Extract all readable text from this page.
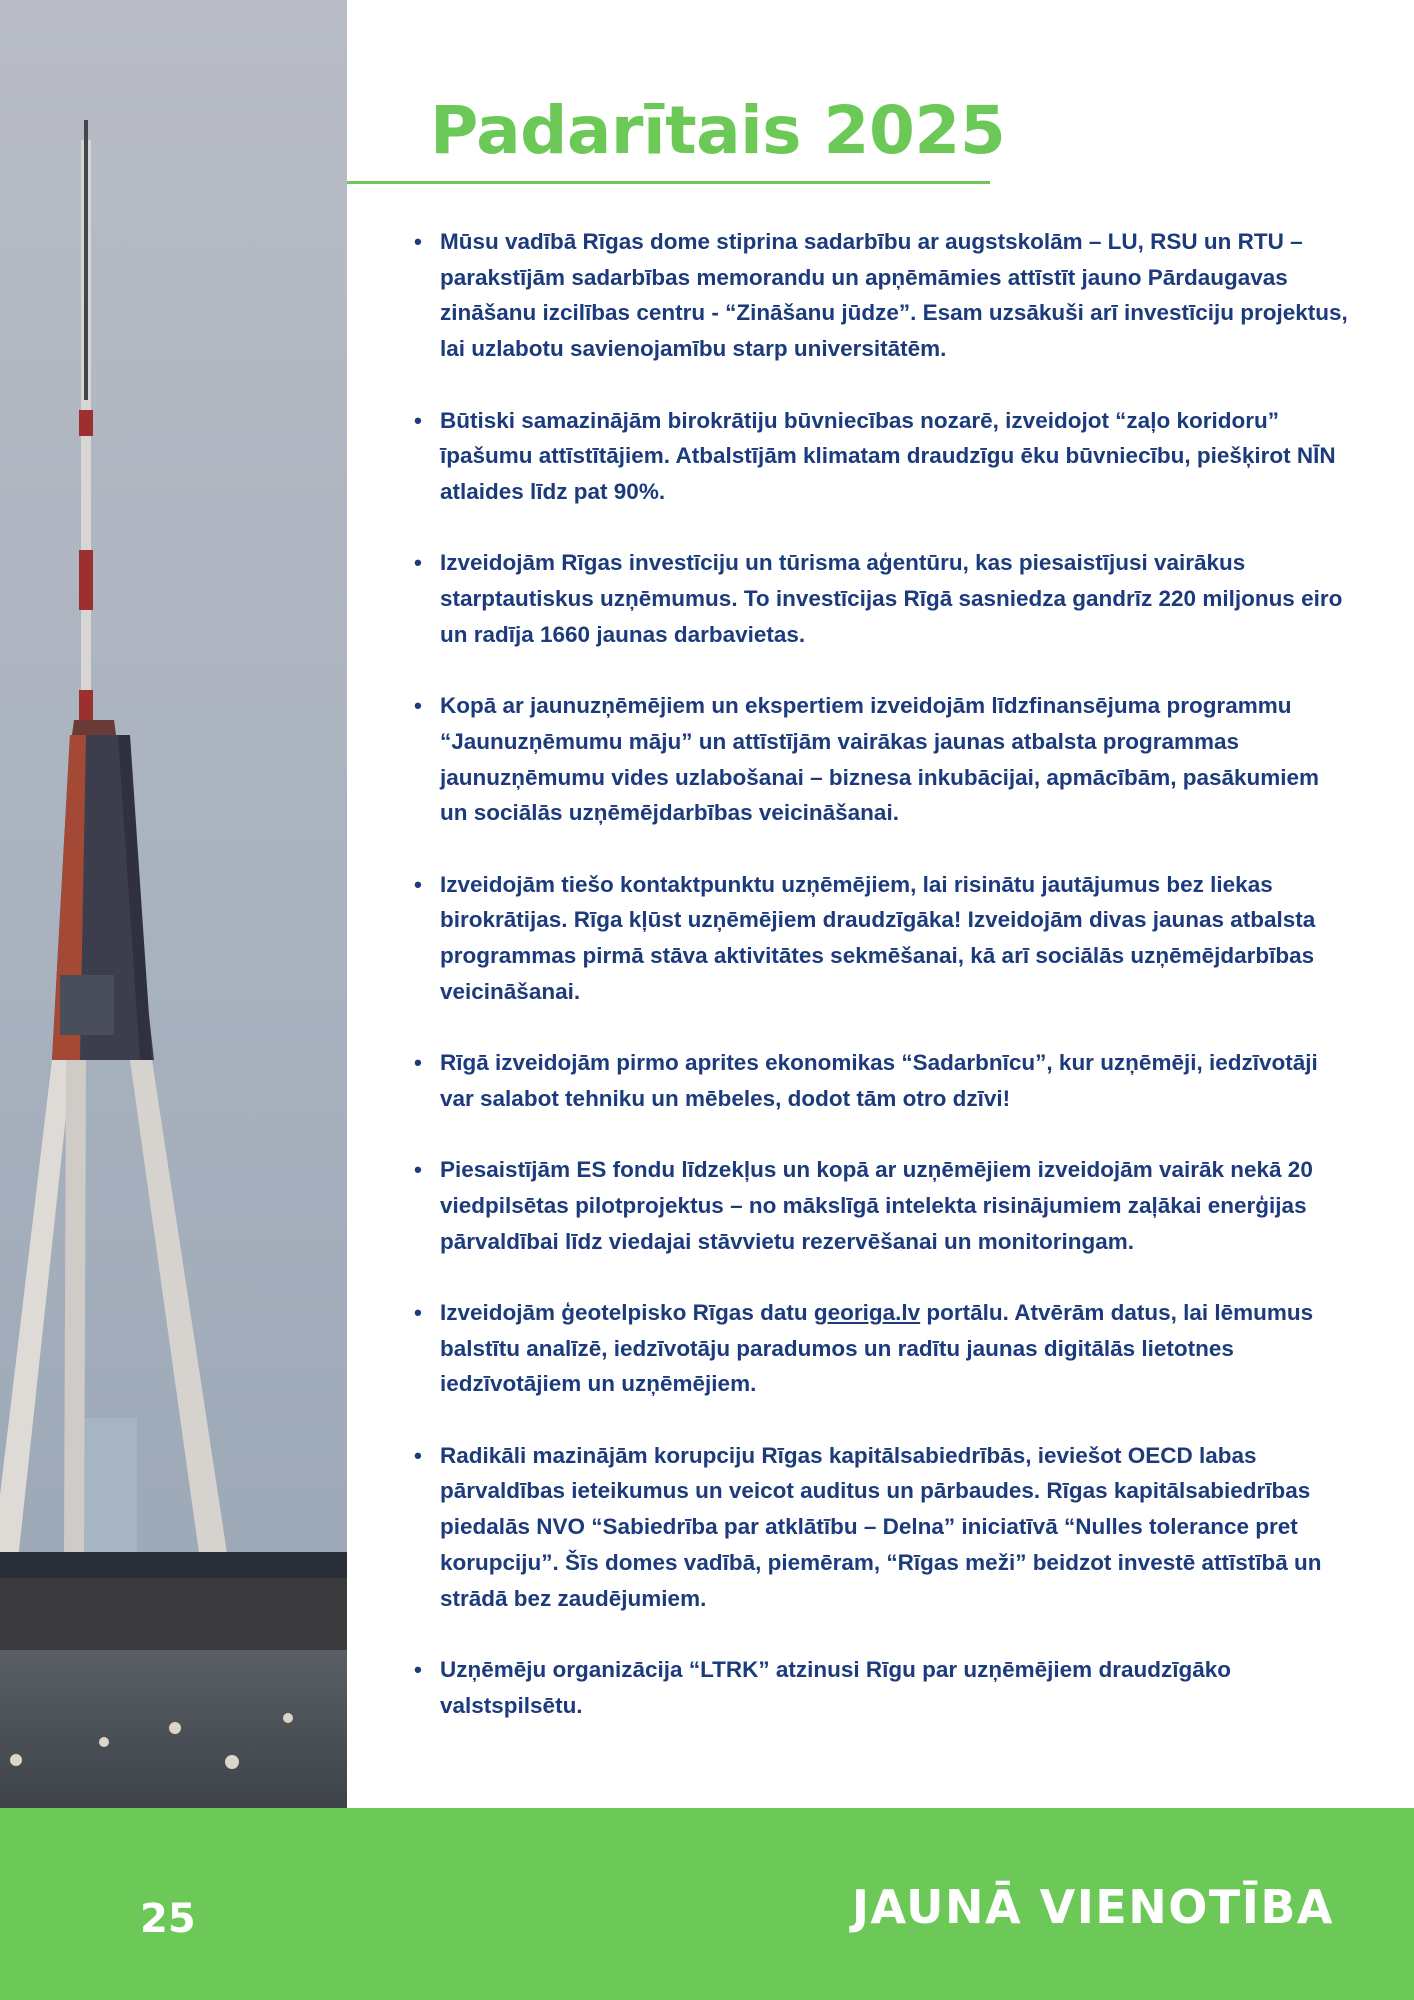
Padarītais 2025
• Mūsu vadībā Rīgas dome stiprina sadarbību ar augstskolām – LU, RSU un RTU – parakstījām sadarbības memorandu un apņēmāmies attīstīt jauno Pārdaugavas zināšanu izcilības centru - “Zināšanu jūdze”. Esam uzsākuši arī investīciju projektus, lai uzlabotu savienojamību starp universitātēm.
• Būtiski samazinājām birokrātiju būvniecības nozarē, izveidojot “zaļo koridoru” īpašumu attīstītājiem. Atbalstījām klimatam draudzīgu ēku būvniecību, piešķirot NĪN atlaides līdz pat 90%.
• Izveidojām Rīgas investīciju un tūrisma aģentūru, kas piesaistījusi vairākus starptautiskus uzņēmumus. To investīcijas Rīgā sasniedza gandrīz 220 miljonus eiro un radīja 1660 jaunas darbavietas.
• Kopā ar jaunuzņēmējiem un ekspertiem izveidojām līdzfinansējuma programmu “Jaunuzņēmumu māju” un attīstījām vairākas jaunas atbalsta programmas jaunuzņēmumu vides uzlabošanai – biznesa inkubācijai, apmācībām, pasākumiem un sociālās uzņēmējdarbības veicināšanai.
• Izveidojām tiešo kontaktpunktu uzņēmējiem, lai risinātu jautājumus bez liekas birokrātijas. Rīga kļūst uzņēmējiem draudzīgāka! Izveidojām divas jaunas atbalsta programmas pirmā stāva aktivitātes sekmēšanai, kā arī sociālās uzņēmējdarbības veicināšanai.
• Rīgā izveidojām pirmo aprites ekonomikas “Sadarbnīcu”, kur uzņēmēji, iedzīvotāji var salabot tehniku un mēbeles, dodot tām otro dzīvi!
• Piesaistījām ES fondu līdzekļus un kopā ar uzņēmējiem izveidojām vairāk nekā 20 viedpilsētas pilotprojektus – no mākslīgā intelekta risinājumiem zaļākai enerģijas pārvaldībai līdz viedajai stāvvietu rezervēšanai un monitoringam.
• Izveidojām ģeotelpisko Rīgas datu georiga.lv portālu. Atvērām datus, lai lēmumus balstītu analīzē, iedzīvotāju paradumos un radītu jaunas digitālās lietotnes iedzīvotājiem un uzņēmējiem.
• Radikāli mazinājām korupciju Rīgas kapitālsabiedrībās, ieviešot OECD labas pārvaldības ieteikumus un veicot auditus un pārbaudes. Rīgas kapitālsabiedrības piedalās NVO “Sabiedrība par atklātību – Delna” iniciatīvā “Nulles tolerance pret korupciju”. Šīs domes vadībā, piemēram, “Rīgas meži” beidzot investē attīstībā un strādā bez zaudējumiem.
• Uzņēmēju organizācija “LTRK” atzinusi Rīgu par uzņēmējiem draudzīgāko valstspilsētu.
25	JAUNĀ VIENOTĪBA
